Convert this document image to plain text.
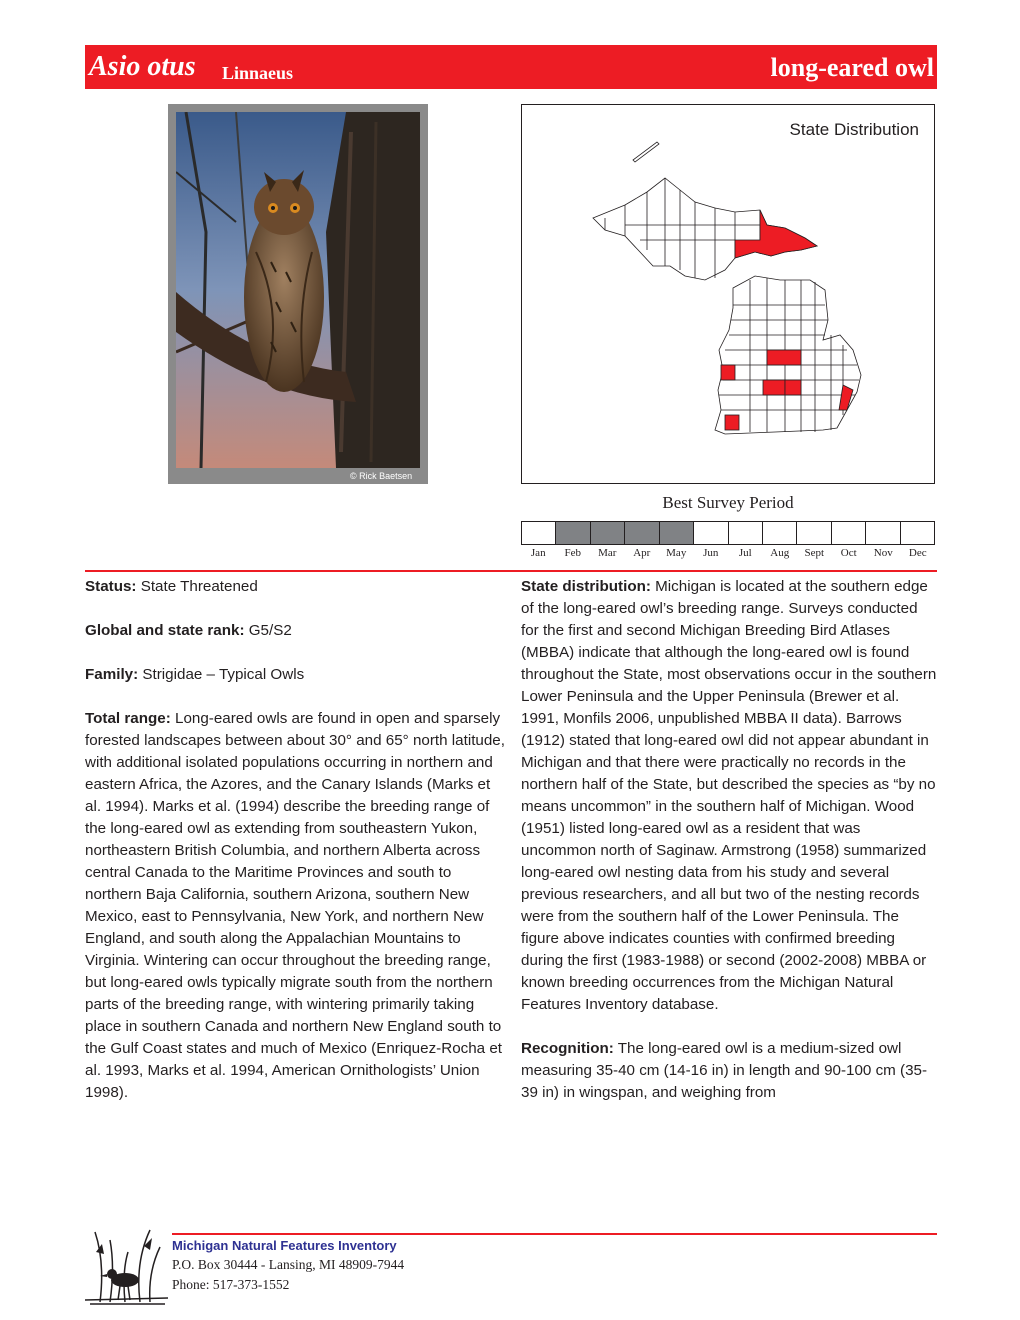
Asio otus Linnaeus	long-eared owl
© Rick Baetsen
State Distribution
Best Survey Period
Jan	Feb	Mar	Apr	May	Jun	Jul	Aug	Sept	Oct	Nov	Dec

Status: State Threatened

Global and state rank: G5/S2

Family: Strigidae – Typical Owls

Total range: Long-eared owls are found in open and sparsely forested landscapes between about 30° and 65° north latitude, with additional isolated populations occurring in northern and eastern Africa, the Azores, and the Canary Islands (Marks et al. 1994). Marks et al. (1994) describe the breeding range of the long-eared owl as extending from southeastern Yukon, northeastern British Columbia, and northern Alberta across central Canada to the Maritime Provinces and south to northern Baja California, southern Arizona, southern New Mexico, east to Pennsylvania, New York, and northern New England, and south along the Appalachian Mountains to Virginia. Wintering can occur throughout the breeding range, but long-eared owls typically migrate south from the northern parts of the breeding range, with wintering primarily taking place in southern Canada and northern New England south to the Gulf Coast states and much of Mexico (Enriquez-Rocha et al. 1993, Marks et al. 1994, American Ornithologists’ Union 1998).

State distribution: Michigan is located at the southern edge of the long-eared owl’s breeding range. Surveys conducted for the first and second Michigan Breeding Bird Atlases (MBBA) indicate that although the long-eared owl is found throughout the State, most observations occur in the southern Lower Peninsula and the Upper Peninsula (Brewer et al. 1991, Monfils 2006, unpublished MBBA II data). Barrows (1912) stated that long-eared owl did not appear abundant in Michigan and that there were practically no records in the northern half of the State, but described the species as “by no means uncommon” in the southern half of Michigan. Wood (1951) listed long-eared owl as a resident that was uncommon north of Saginaw. Armstrong (1958) summarized long-eared owl nesting data from his study and several previous researchers, and all but two of the nesting records were from the southern half of the Lower Peninsula. The figure above indicates counties with confirmed breeding during the first (1983-1988) or second (2002-2008) MBBA or known breeding occurrences from the Michigan Natural Features Inventory database.

Recognition: The long-eared owl is a medium-sized owl measuring 35-40 cm (14-16 in) in length and 90-100 cm (35-39 in) in wingspan, and weighing from

Michigan Natural Features Inventory
P.O. Box 30444 - Lansing, MI 48909-7944
Phone: 517-373-1552
